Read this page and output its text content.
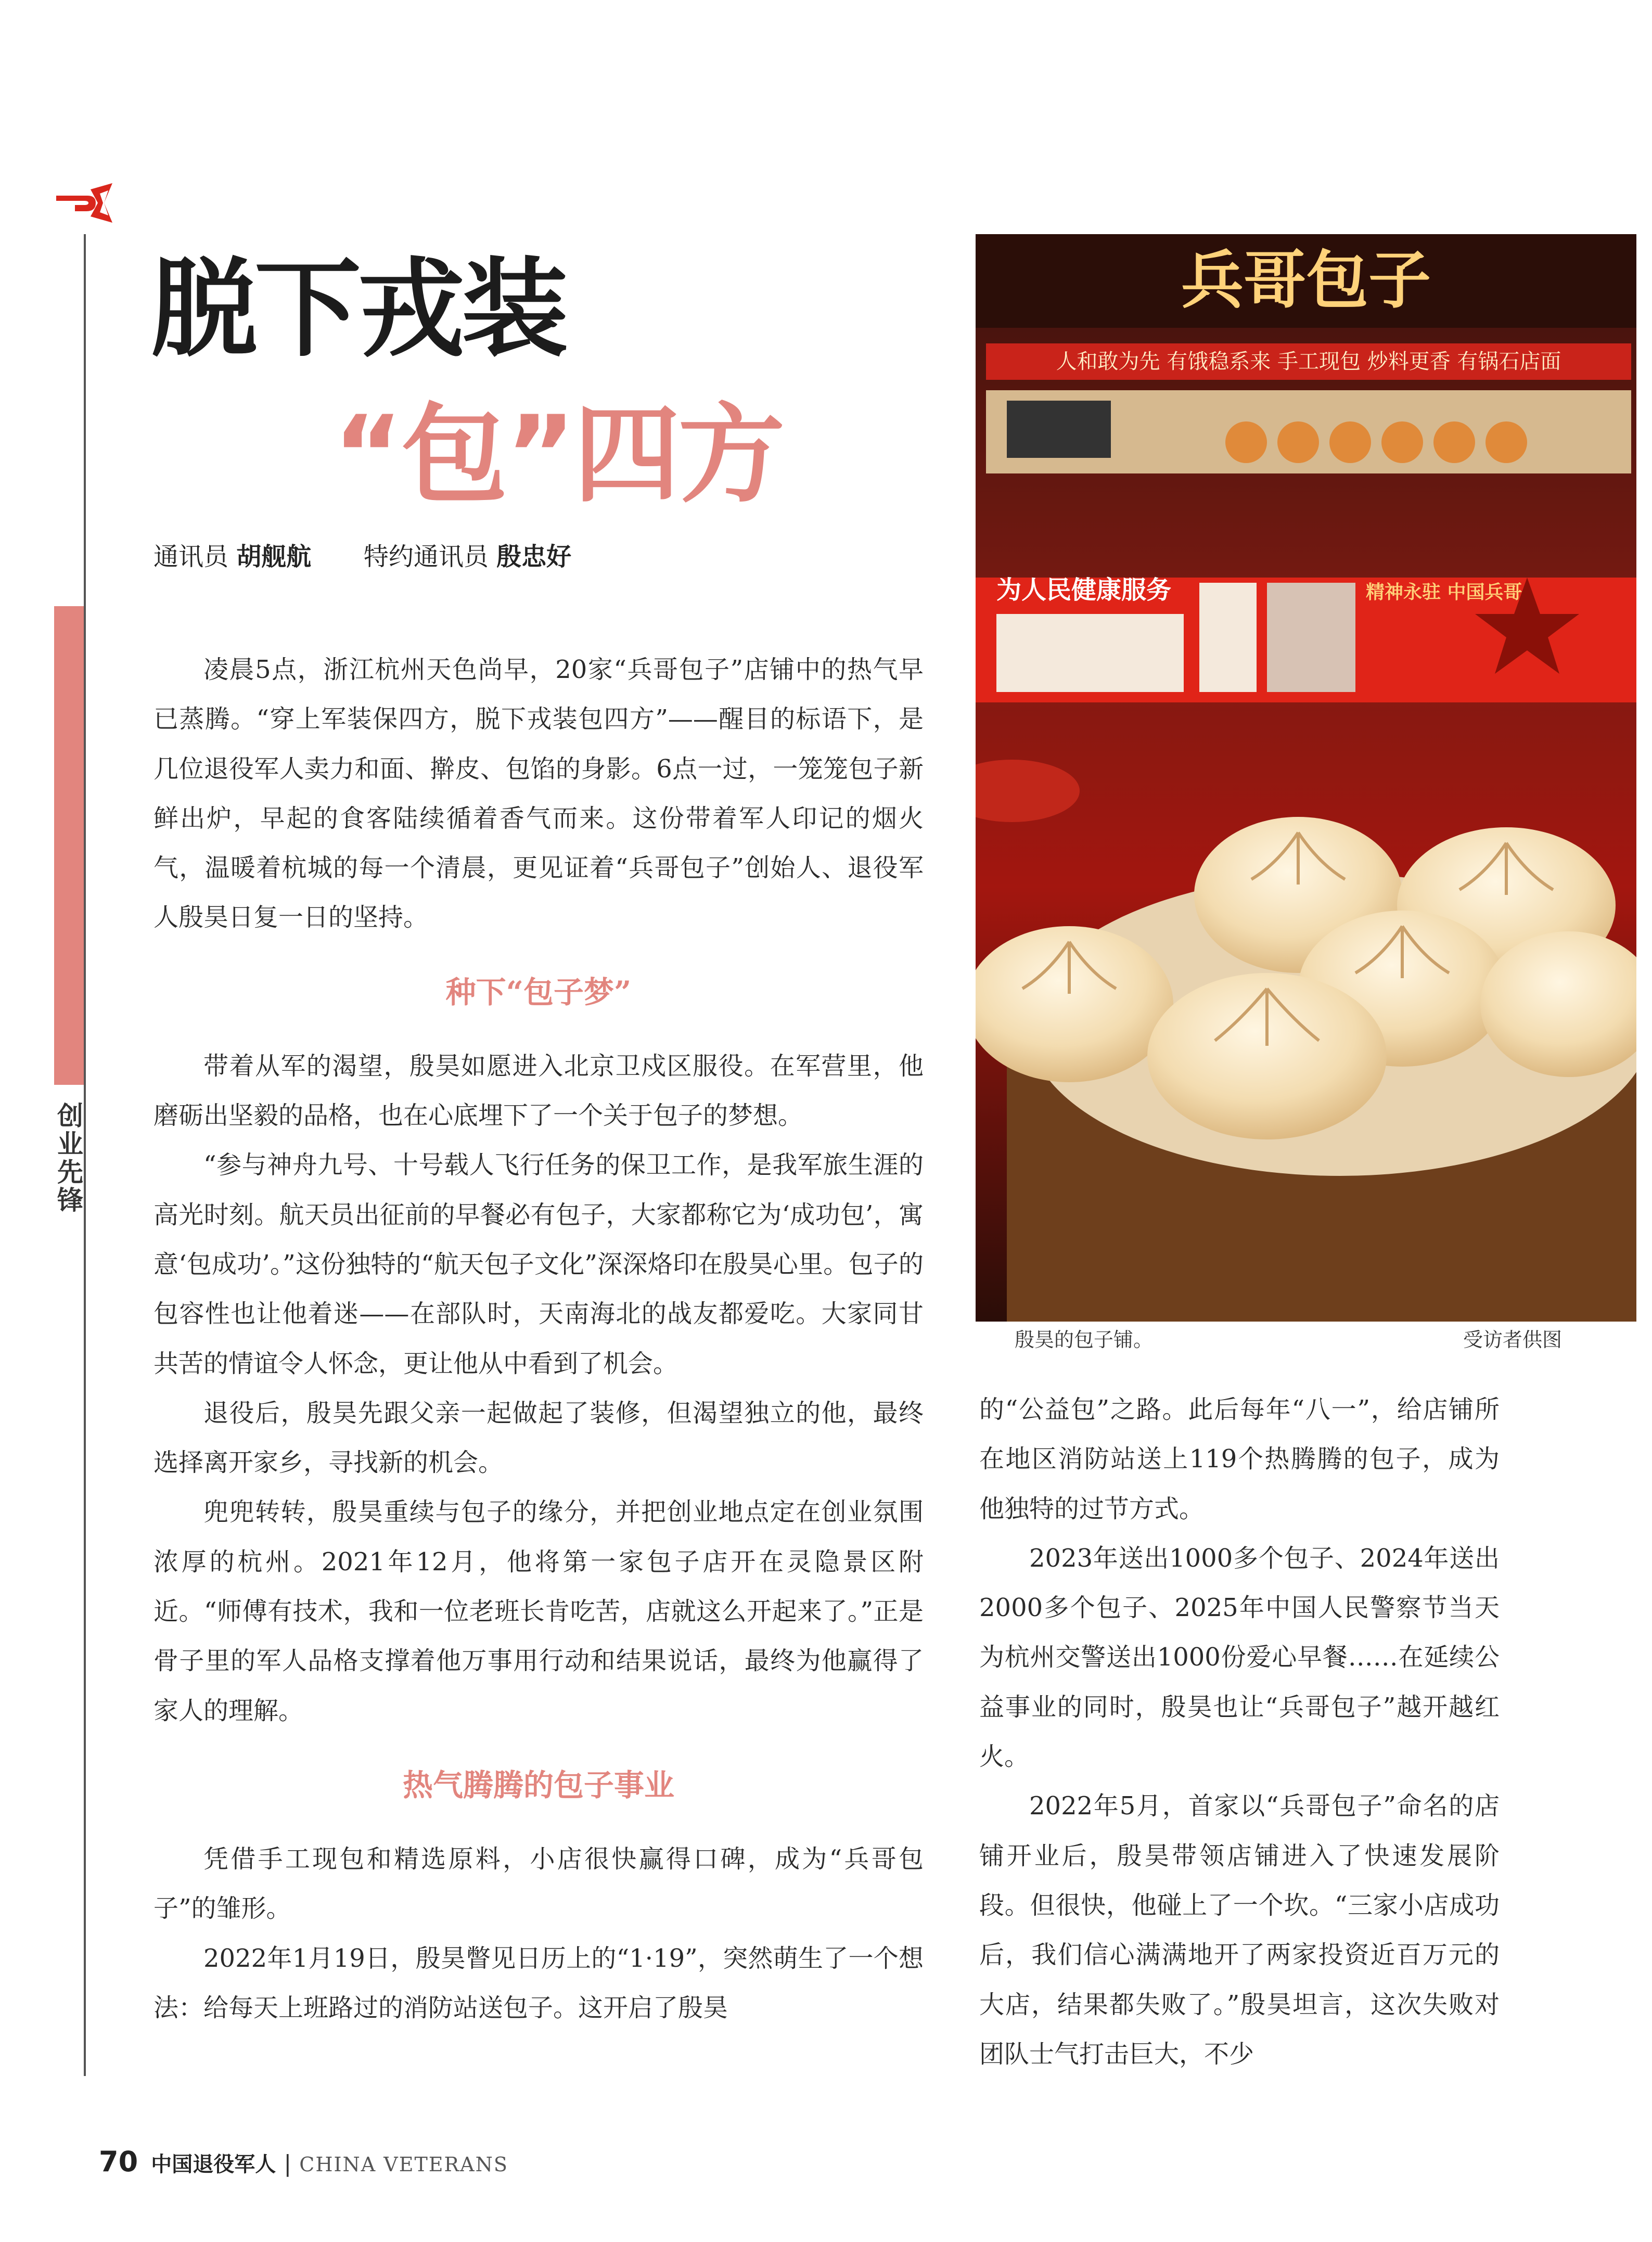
创业先锋
脱下戎装
“包”四方
通讯员 胡舰航 特约通讯员 殷忠好

凌晨5点，浙江杭州天色尚早，20家“兵哥包子”店铺中的热气早已蒸腾。“穿上军装保四方，脱下戎装包四方”——醒目的标语下，是几位退役军人卖力和面、擀皮、包馅的身影。6点一过，一笼笼包子新鲜出炉，早起的食客陆续循着香气而来。这份带着军人印记的烟火气，温暖着杭城的每一个清晨，更见证着“兵哥包子”创始人、退役军人殷昊日复一日的坚持。

种下“包子梦”

带着从军的渴望，殷昊如愿进入北京卫戍区服役。在军营里，他磨砺出坚毅的品格，也在心底埋下了一个关于包子的梦想。

“参与神舟九号、十号载人飞行任务的保卫工作，是我军旅生涯的高光时刻。航天员出征前的早餐必有包子，大家都称它为‘成功包’，寓意‘包成功’。”这份独特的“航天包子文化”深深烙印在殷昊心里。包子的包容性也让他着迷——在部队时，天南海北的战友都爱吃。大家同甘共苦的情谊令人怀念，更让他从中看到了机会。

退役后，殷昊先跟父亲一起做起了装修，但渴望独立的他，最终选择离开家乡，寻找新的机会。

兜兜转转，殷昊重续与包子的缘分，并把创业地点定在创业氛围浓厚的杭州。2021年12月，他将第一家包子店开在灵隐景区附近。“师傅有技术，我和一位老班长肯吃苦，店就这么开起来了。”正是骨子里的军人品格支撑着他万事用行动和结果说话，最终为他赢得了家人的理解。

热气腾腾的包子事业

凭借手工现包和精选原料，小店很快赢得口碑，成为“兵哥包子”的雏形。

2022年1月19日，殷昊瞥见日历上的“1·19”，突然萌生了一个想法：给每天上班路过的消防站送包子。这开启了殷昊

兵哥包子
人和敢为先 有饿稳系来 手工现包 炒料更香 有锅石店面
为人民健康服务	精神永驻 中国兵哥
殷昊的包子铺。	受访者供图

的“公益包”之路。此后每年“八一”，给店铺所在地区消防站送上119个热腾腾的包子，成为他独特的过节方式。

2023年送出1000多个包子、2024年送出2000多个包子、2025年中国人民警察节当天为杭州交警送出1000份爱心早餐……在延续公益事业的同时，殷昊也让“兵哥包子”越开越红火。

2022年5月，首家以“兵哥包子”命名的店铺开业后，殷昊带领店铺进入了快速发展阶段。但很快，他碰上了一个坎。“三家小店成功后，我们信心满满地开了两家投资近百万元的大店，结果都失败了。”殷昊坦言，这次失败对团队士气打击巨大，不少

70 中国退役军人 | CHINA VETERANS
